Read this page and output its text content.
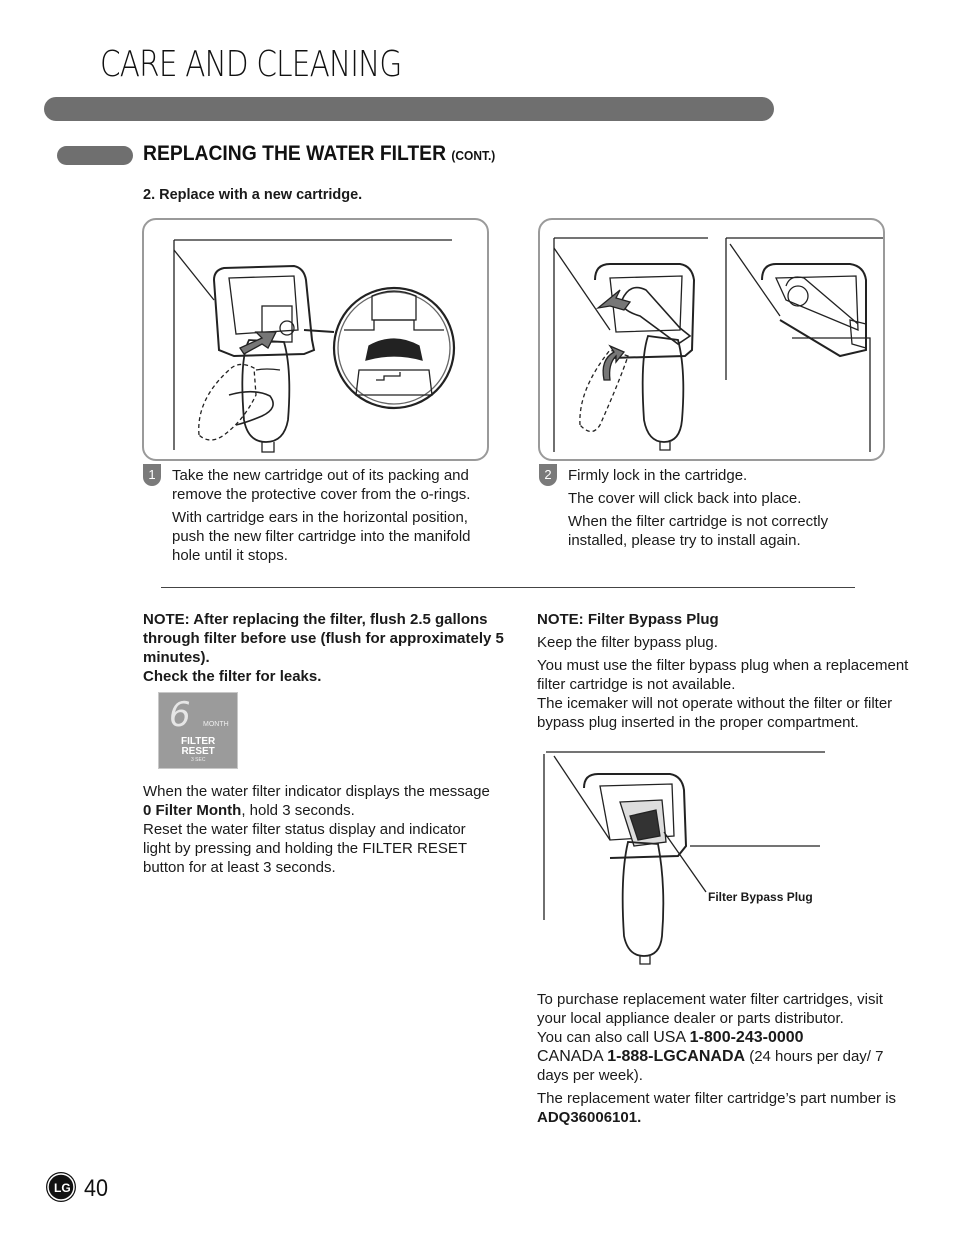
CARE AND CLEANING
REPLACING THE WATER FILTER (CONT.)
2. Replace with a new cartridge.
1	Take the new cartridge out of its packing and remove the protective cover from the o-rings.

With cartridge ears in the horizontal position, push the new filter cartridge into the manifold hole until it stops.

2	Firmly lock in the cartridge.

The cover will click back into place.

When the filter cartridge is not correctly installed, please try to install again.

NOTE: After replacing the filter, flush 2.5 gallons through filter before use (flush for approximately 5 minutes).
Check the filter for leaks.
6 MONTH
FILTER
RESET
3 SEC
When the water filter indicator displays the message 0 Filter Month, hold 3 seconds.
Reset the water filter status display and indicator light by pressing and holding the FILTER RESET button for at least 3 seconds.

NOTE: Filter Bypass Plug

Keep the filter bypass plug.

You must use the filter bypass plug when a replacement filter cartridge is not available.
The icemaker will not operate without the filter or filter bypass plug inserted in the proper compartment.
Filter Bypass Plug
To purchase replacement water filter cartridges, visit your local appliance dealer or parts distributor.
You can also call USA 1-800-243-0000
CANADA 1-888-LGCANADA (24 hours per day/ 7 days per week).
The replacement water filter cartridge’s part number is ADQ36006101.
LG 40
